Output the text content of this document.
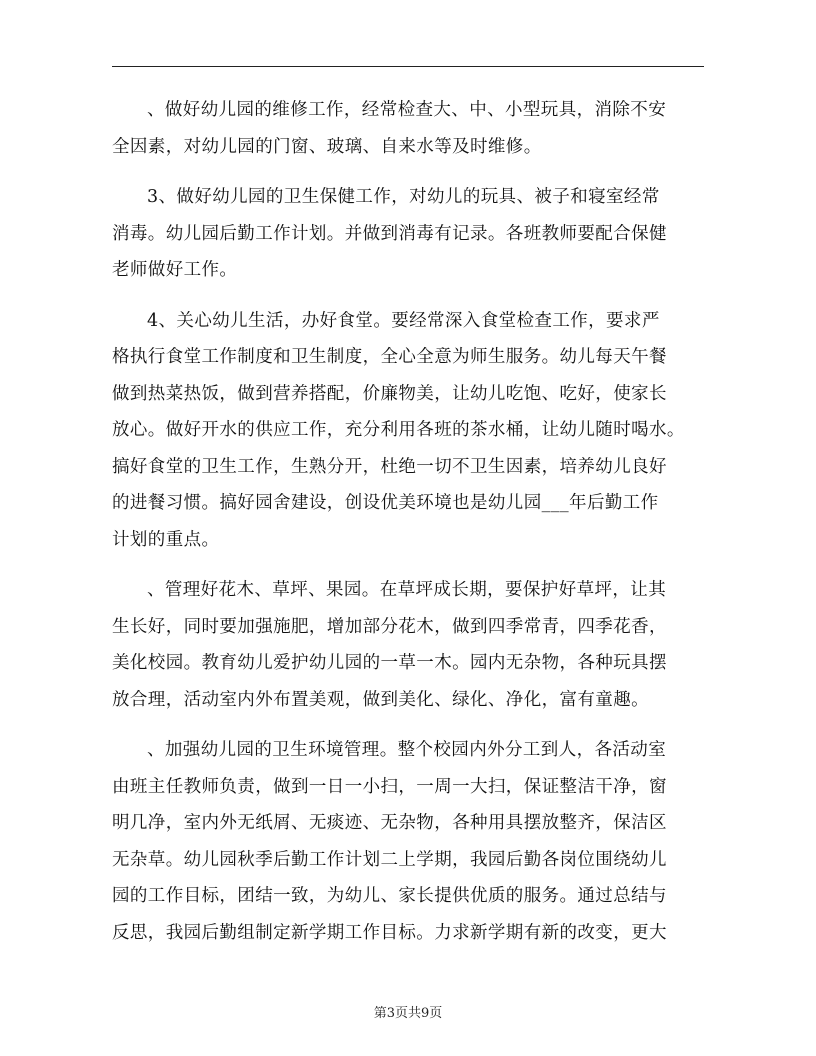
、做好幼儿园的维修工作，经常检查大、中、小型玩具，消除不安
全因素，对幼儿园的门窗、玻璃、自来水等及时维修。

3、做好幼儿园的卫生保健工作，对幼儿的玩具、被子和寝室经常
消毒。幼儿园后勤工作计划。并做到消毒有记录。各班教师要配合保健
老师做好工作。

4、关心幼儿生活，办好食堂。要经常深入食堂检查工作，要求严
格执行食堂工作制度和卫生制度，全心全意为师生服务。幼儿每天午餐
做到热菜热饭，做到营养搭配，价廉物美，让幼儿吃饱、吃好，使家长
放心。做好开水的供应工作，充分利用各班的茶水桶，让幼儿随时喝水。
搞好食堂的卫生工作，生熟分开，杜绝一切不卫生因素，培养幼儿良好
的进餐习惯。搞好园舍建设，创设优美环境也是幼儿园___年后勤工作
计划的重点。

、管理好花木、草坪、果园。在草坪成长期，要保护好草坪，让其
生长好，同时要加强施肥，增加部分花木，做到四季常青，四季花香，
美化校园。教育幼儿爱护幼儿园的一草一木。园内无杂物，各种玩具摆
放合理，活动室内外布置美观，做到美化、绿化、净化，富有童趣。

、加强幼儿园的卫生环境管理。整个校园内外分工到人，各活动室
由班主任教师负责，做到一日一小扫，一周一大扫，保证整洁干净，窗
明几净，室内外无纸屑、无痰迹、无杂物，各种用具摆放整齐，保洁区
无杂草。幼儿园秋季后勤工作计划二上学期，我园后勤各岗位围绕幼儿
园的工作目标，团结一致，为幼儿、家长提供优质的服务。通过总结与
反思，我园后勤组制定新学期工作目标。力求新学期有新的改变，更大

第3页共9页
